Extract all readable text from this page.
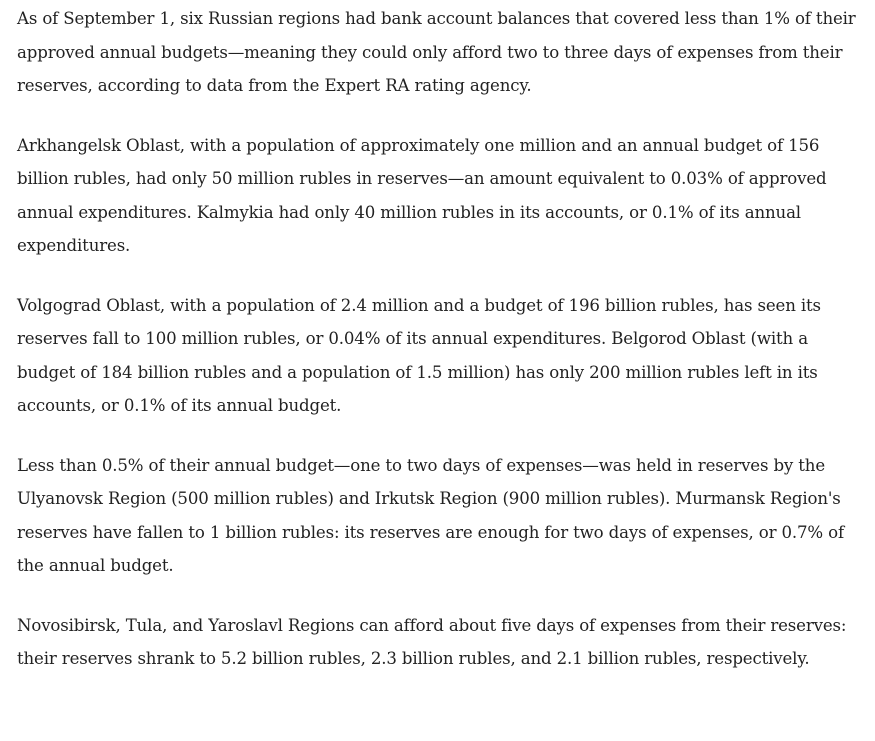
As of September 1, six Russian regions had bank account balances that covered less than 1% of their approved annual budgets—meaning they could only afford two to three days of expenses from their reserves, according to data from the Expert RA rating agency.

Arkhangelsk Oblast, with a population of approximately one million and an annual budget of 156 billion rubles, had only 50 million rubles in reserves—an amount equivalent to 0.03% of approved annual expenditures. Kalmykia had only 40 million rubles in its accounts, or 0.1% of its annual expenditures.

Volgograd Oblast, with a population of 2.4 million and a budget of 196 billion rubles, has seen its reserves fall to 100 million rubles, or 0.04% of its annual expenditures. Belgorod Oblast (with a budget of 184 billion rubles and a population of 1.5 million) has only 200 million rubles left in its accounts, or 0.1% of its annual budget.

Less than 0.5% of their annual budget—one to two days of expenses—was held in reserves by the Ulyanovsk Region (500 million rubles) and Irkutsk Region (900 million rubles). Murmansk Region's reserves have fallen to 1 billion rubles: its reserves are enough for two days of expenses, or 0.7% of the annual budget.

Novosibirsk, Tula, and Yaroslavl Regions can afford about five days of expenses from their reserves: their reserves shrank to 5.2 billion rubles, 2.3 billion rubles, and 2.1 billion rubles, respectively.
